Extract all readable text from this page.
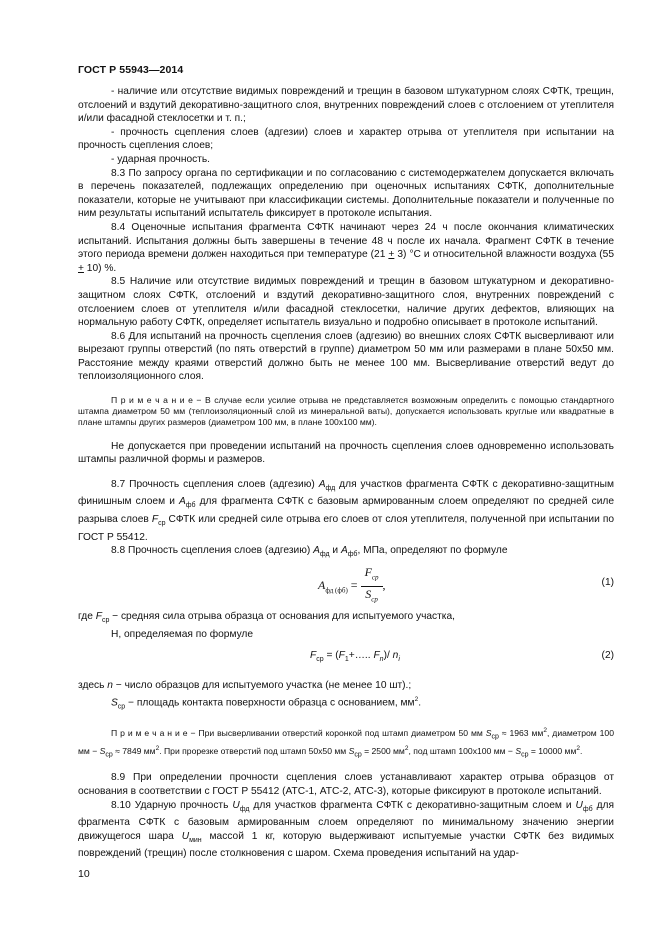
ГОСТ Р 55943—2014

- наличие или отсутствие видимых повреждений и трещин в базовом штукатурном слоях СФТК, трещин, отслоений и вздутий декоративно-защитного слоя, внутренних повреждений слоев с отслоением от утеплителя и/или фасадной стеклосетки и т. п.;

- прочность сцепления слоев (адгезии) слоев и характер отрыва от утеплителя при испытании на прочность сцепления слоев;

- ударная прочность.

8.3 По запросу органа по сертификации и по согласованию с системодержателем допускается включать в перечень показателей, подлежащих определению при оценочных испытаниях СФТК, дополнительные показатели, которые не учитывают при классификации системы. Дополнительные показатели и полученные по ним результаты испытаний испытатель фиксирует в протоколе испытания.

8.4 Оценочные испытания фрагмента СФТК начинают через 24 ч после окончания климатических испытаний. Испытания должны быть завершены в течение 48 ч после их начала. Фрагмент СФТК в течение этого периода времени должен находиться при температуре (21 + 3) °С и относительной влажности воздуха (55 + 10) %.

8.5 Наличие или отсутствие видимых повреждений и трещин в базовом штукатурном и декоративно-защитном слоях СФТК, отслоений и вздутий декоративно-защитного слоя, внутренних повреждений с отслоением слоев от утеплителя и/или фасадной стеклосетки, наличие других дефектов, влияющих на нормальную работу СФТК, определяет испытатель визуально и подробно описывает в протоколе испытаний.

8.6 Для испытаний на прочность сцепления слоев (адгезию) во внешних слоях СФТК высверливают или вырезают группы отверстий (по пять отверстий в группе) диаметром 50 мм или размерами в плане 50x50 мм. Расстояние между краями отверстий должно быть не менее 100 мм. Высверливание отверстий ведут до теплоизоляционного слоя.

П р и м е ч а н и е − В случае если усилие отрыва не представляется возможным определить с помощью стандартного штампа диаметром 50 мм (теплоизоляционный слой из минеральной ваты), допускается использовать круглые или квадратные в плане штампы других размеров (диаметром 100 мм, в плане 100x100 мм).

Не допускается при проведении испытаний на прочность сцепления слоев одновременно использовать штампы различной формы и размеров.

8.7 Прочность сцепления слоев (адгезию) $A_{фд}$ для участков фрагмента СФТК с декоративно-защитным финишным слоем и $A_{фб}$ для фрагмента СФТК с базовым армированным слоем определяют по средней силе разрыва слоев $F_{ср}$ СФТК или средней силе отрыва его слоев от слоя утеплителя, полученной при испытании по ГОСТ Р 55412.

8.8 Прочность сцепления слоев (адгезию) $A_{фд}$ и $A_{фб}$, МПа, определяют по формуле

$A_{фд (фб)} = \frac{F_{ср}}{S_{ср}}$ ,	(1)

где $F_{ср}$ − средняя сила отрыва образца от основания для испытуемого участка,

Н, определяемая по формуле

$F_{ср}$ = ($F_1+\dots$.. $F_n)/$ $n_i$	(2)

здесь n − число образцов для испытуемого участка (не менее 10 шт).;

$S_{ср}$ − площадь контакта поверхности образца с основанием, $мм^2$.

П р и м е ч а н и е − При высверливании отверстий коронкой под штамп диаметром 50 мм $S_{ср} \approx 1963$ $мм^2$, диаметром 100 мм − $S_{ср} \approx 7849$ $мм^2$. При прорезке отверстий под штамп 50x50 мм $S_{ср} = 2500$ $мм^2$, под штамп 100x100 мм − $S_{ср} = 10000$ $мм^2$.

8.9 При определении прочности сцепления слоев устанавливают характер отрыва образцов от основания в соответствии с ГОСТ Р 55412 (АТС-1, АТС-2, АТС-3), которые фиксируют в протоколе испытаний.

8.10 Ударную прочность $U_{фд}$ для участков фрагмента СФТК с декоративно-защитным слоем и $U_{фб}$ для фрагмента СФТК с базовым армированным слоем определяют по минимальному значению энергии движущегося шара $U_{мин}$ массой 1 кг, которую выдерживают испытуемые участки СФТК без видимых повреждений (трещин) после столкновения с шаром. Схема проведения испытаний на удар-

10
